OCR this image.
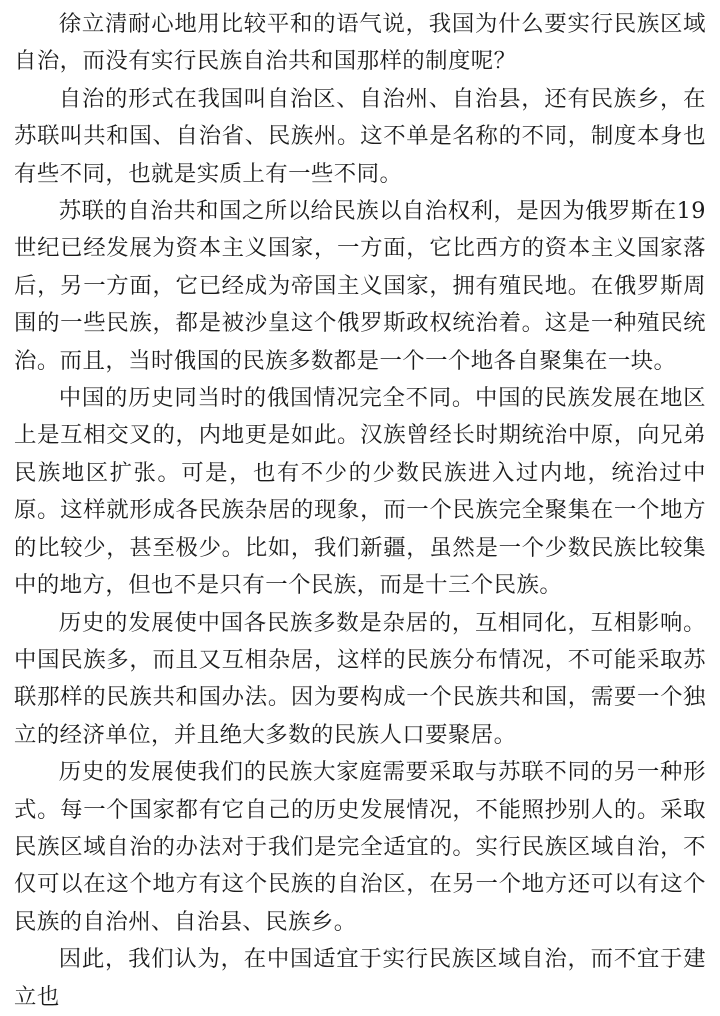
徐立清耐心地用比较平和的语气说，我国为什么要实行民族区域自治，而没有实行民族自治共和国那样的制度呢？

自治的形式在我国叫自治区、自治州、自治县，还有民族乡，在苏联叫共和国、自治省、民族州。这不单是名称的不同，制度本身也有些不同，也就是实质上有一些不同。

苏联的自治共和国之所以给民族以自治权利，是因为俄罗斯在19世纪已经发展为资本主义国家，一方面，它比西方的资本主义国家落后，另一方面，它已经成为帝国主义国家，拥有殖民地。在俄罗斯周围的一些民族，都是被沙皇这个俄罗斯政权统治着。这是一种殖民统治。而且，当时俄国的民族多数都是一个一个地各自聚集在一块。

中国的历史同当时的俄国情况完全不同。中国的民族发展在地区上是互相交叉的，内地更是如此。汉族曾经长时期统治中原，向兄弟民族地区扩张。可是，也有不少的少数民族进入过内地，统治过中原。这样就形成各民族杂居的现象，而一个民族完全聚集在一个地方的比较少，甚至极少。比如，我们新疆，虽然是一个少数民族比较集中的地方，但也不是只有一个民族，而是十三个民族。

历史的发展使中国各民族多数是杂居的，互相同化，互相影响。中国民族多，而且又互相杂居，这样的民族分布情况，不可能采取苏联那样的民族共和国办法。因为要构成一个民族共和国，需要一个独立的经济单位，并且绝大多数的民族人口要聚居。

历史的发展使我们的民族大家庭需要采取与苏联不同的另一种形式。每一个国家都有它自己的历史发展情况，不能照抄别人的。采取民族区域自治的办法对于我们是完全适宜的。实行民族区域自治，不仅可以在这个地方有这个民族的自治区，在另一个地方还可以有这个民族的自治州、自治县、民族乡。

因此，我们认为，在中国适宜于实行民族区域自治，而不宜于建立也
